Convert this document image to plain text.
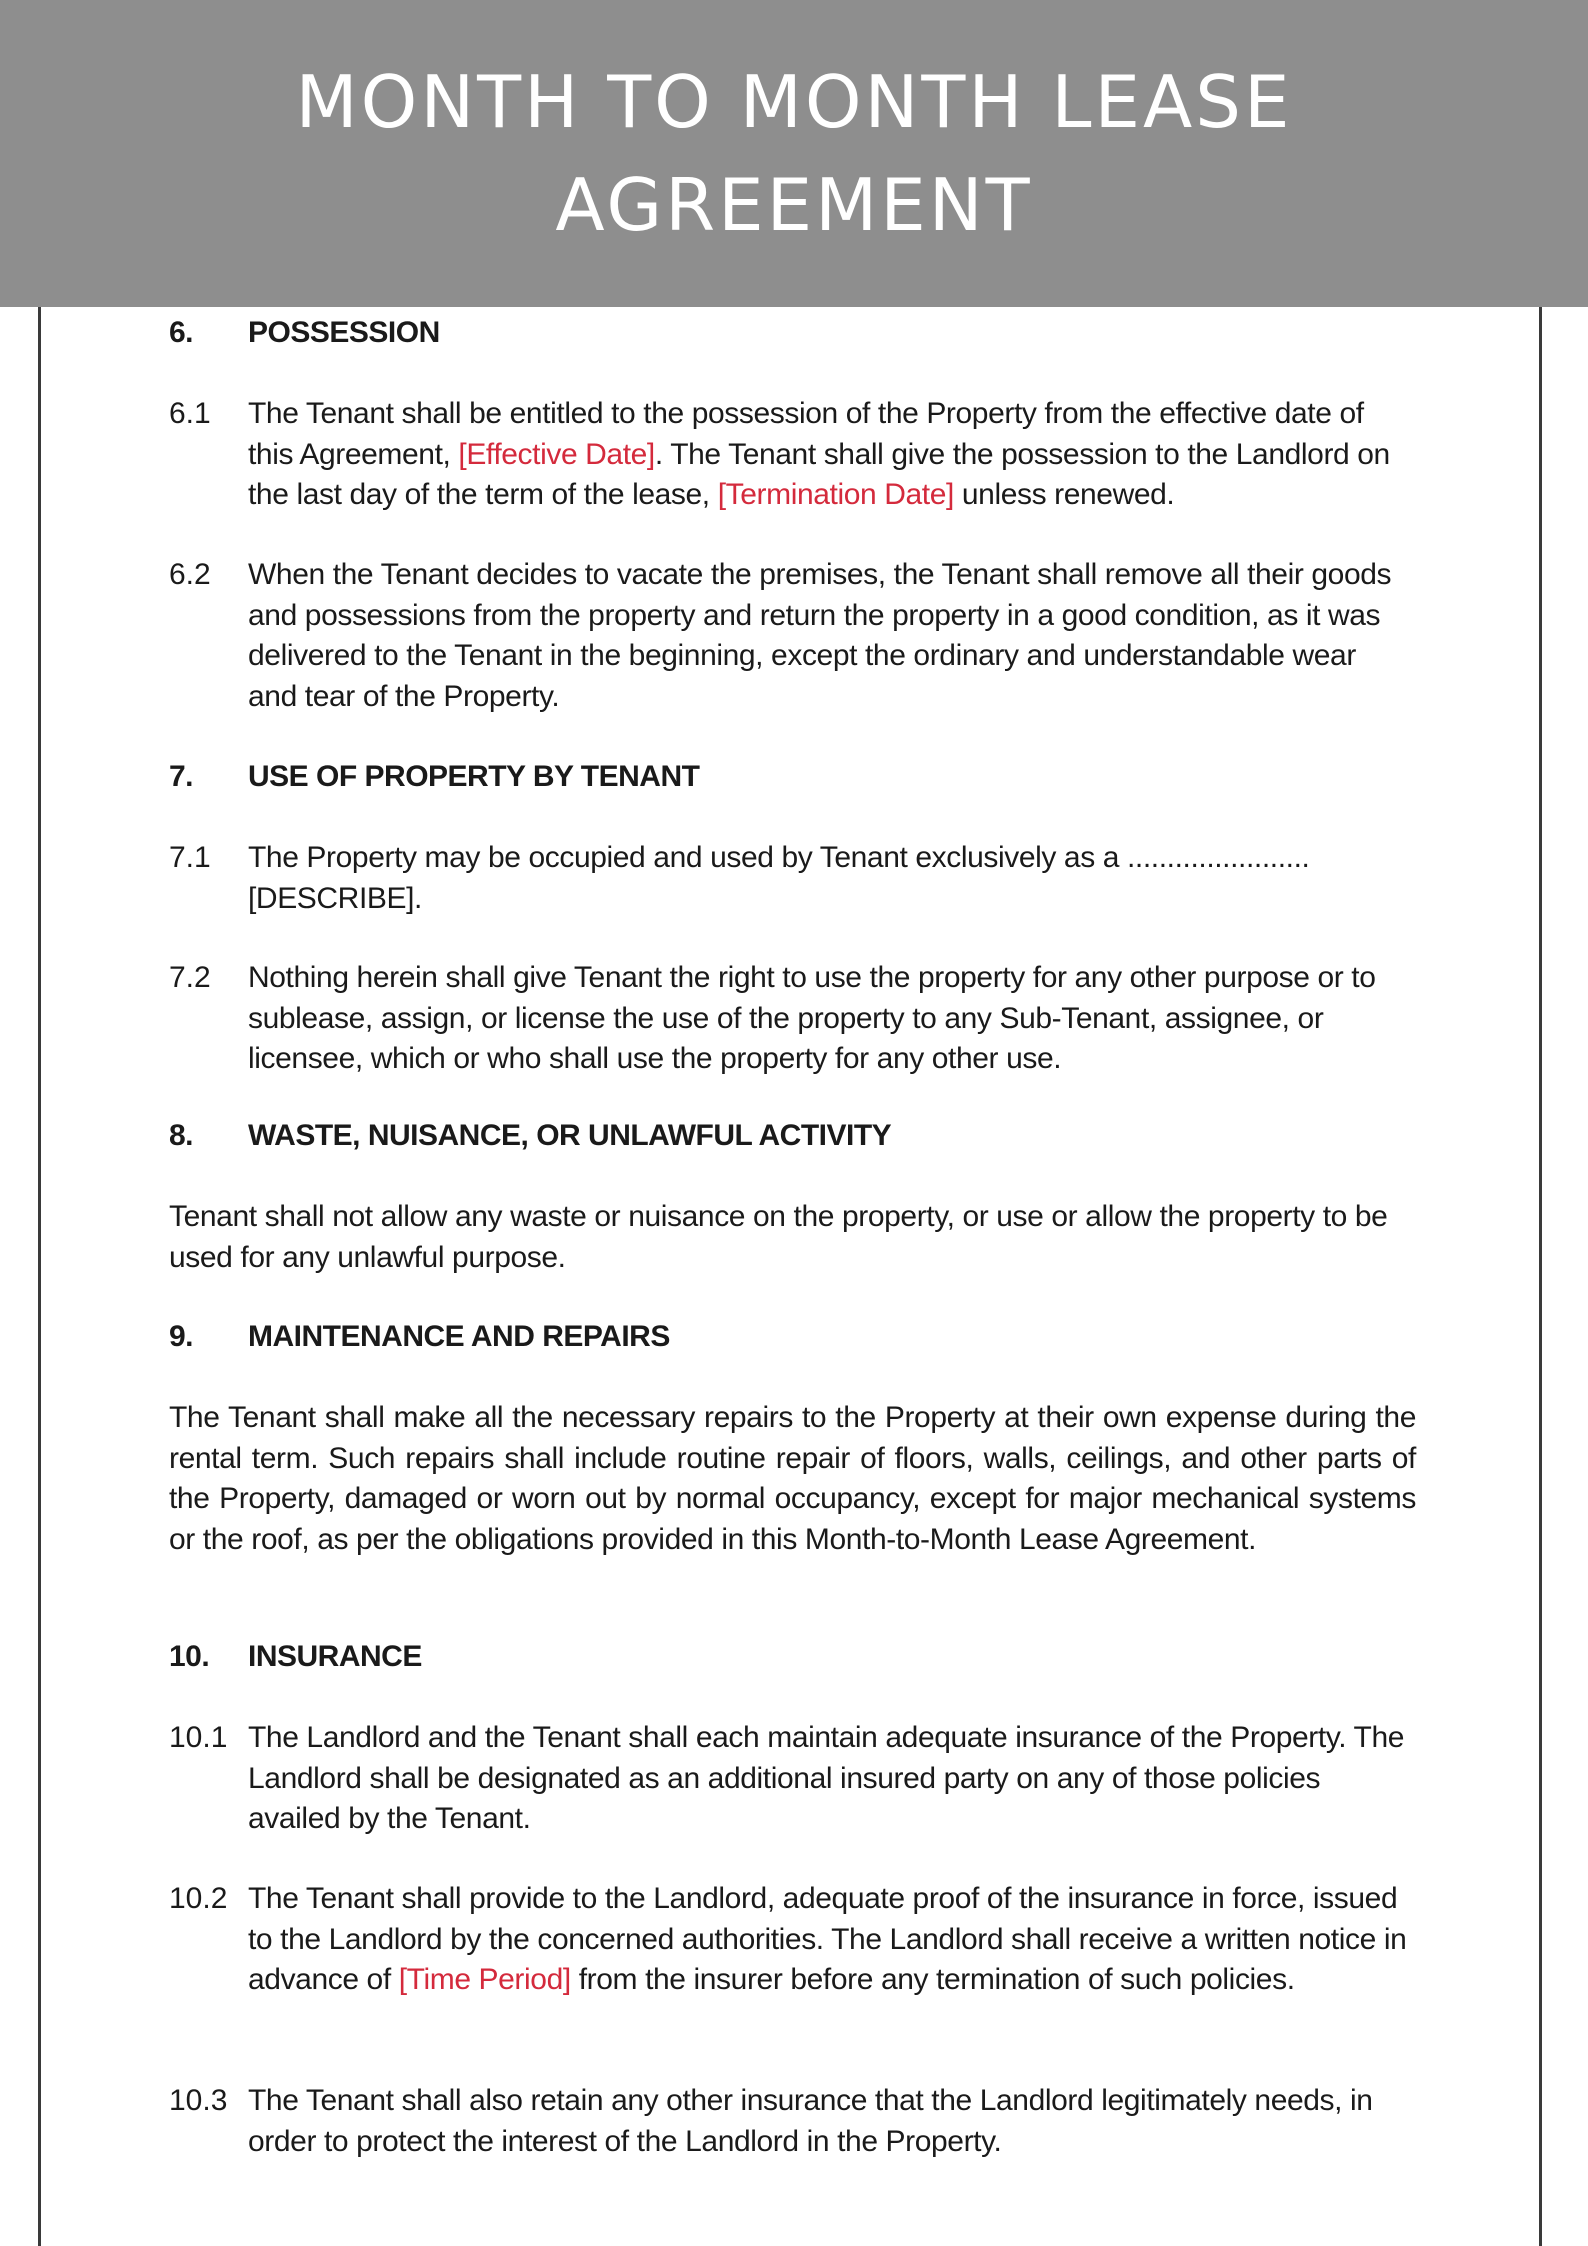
MONTH TO MONTH LEASE
AGREEMENT
6. POSSESSION
6.1 The Tenant shall be entitled to the possession of the Property from the effective date of this Agreement, [Effective Date]. The Tenant shall give the possession to the Landlord on the last day of the term of the lease, [Termination Date] unless renewed.
6.2 When the Tenant decides to vacate the premises, the Tenant shall remove all their goods and possessions from the property and return the property in a good condition, as it was delivered to the Tenant in the beginning, except the ordinary and understandable wear and tear of the Property.
7. USE OF PROPERTY BY TENANT
7.1 The Property may be occupied and used by Tenant exclusively as a ....................... [DESCRIBE].
7.2 Nothing herein shall give Tenant the right to use the property for any other purpose or to sublease, assign, or license the use of the property to any Sub-Tenant, assignee, or licensee, which or who shall use the property for any other use.
8. WASTE, NUISANCE, OR UNLAWFUL ACTIVITY
Tenant shall not allow any waste or nuisance on the property, or use or allow the property to be used for any unlawful purpose.
9. MAINTENANCE AND REPAIRS
The Tenant shall make all the necessary repairs to the Property at their own expense during the rental term. Such repairs shall include routine repair of floors, walls, ceilings, and other parts of the Property, damaged or worn out by normal occupancy, except for major mechanical systems or the roof, as per the obligations provided in this Month-to-Month Lease Agreement.
10. INSURANCE
10.1 The Landlord and the Tenant shall each maintain adequate insurance of the Property. The Landlord shall be designated as an additional insured party on any of those policies availed by the Tenant.
10.2 The Tenant shall provide to the Landlord, adequate proof of the insurance in force, issued to the Landlord by the concerned authorities. The Landlord shall receive a written notice in advance of [Time Period] from the insurer before any termination of such policies.
10.3 The Tenant shall also retain any other insurance that the Landlord legitimately needs, in order to protect the interest of the Landlord in the Property.
